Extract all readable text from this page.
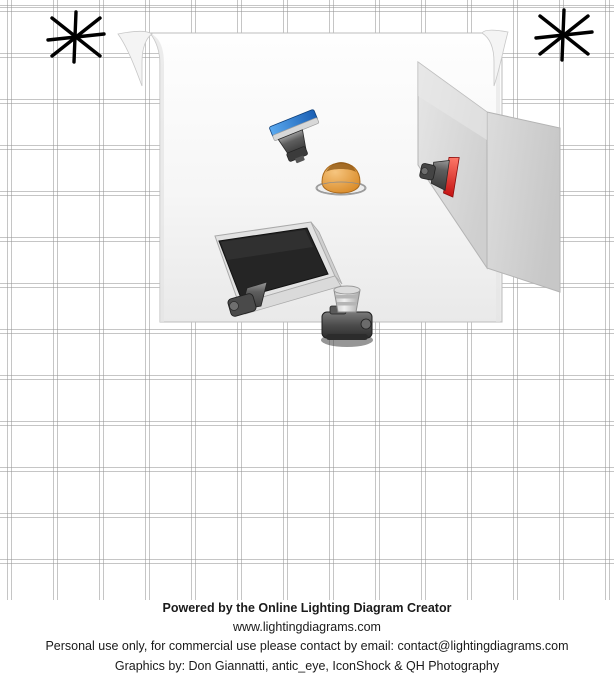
Powered by the Online Lighting Diagram Creator
www.lightingdiagrams.com
Personal use only, for commercial use please contact by email: contact@lightingdiagrams.com
Graphics by: Don Giannatti, antic_eye, IconShock & QH Photography
